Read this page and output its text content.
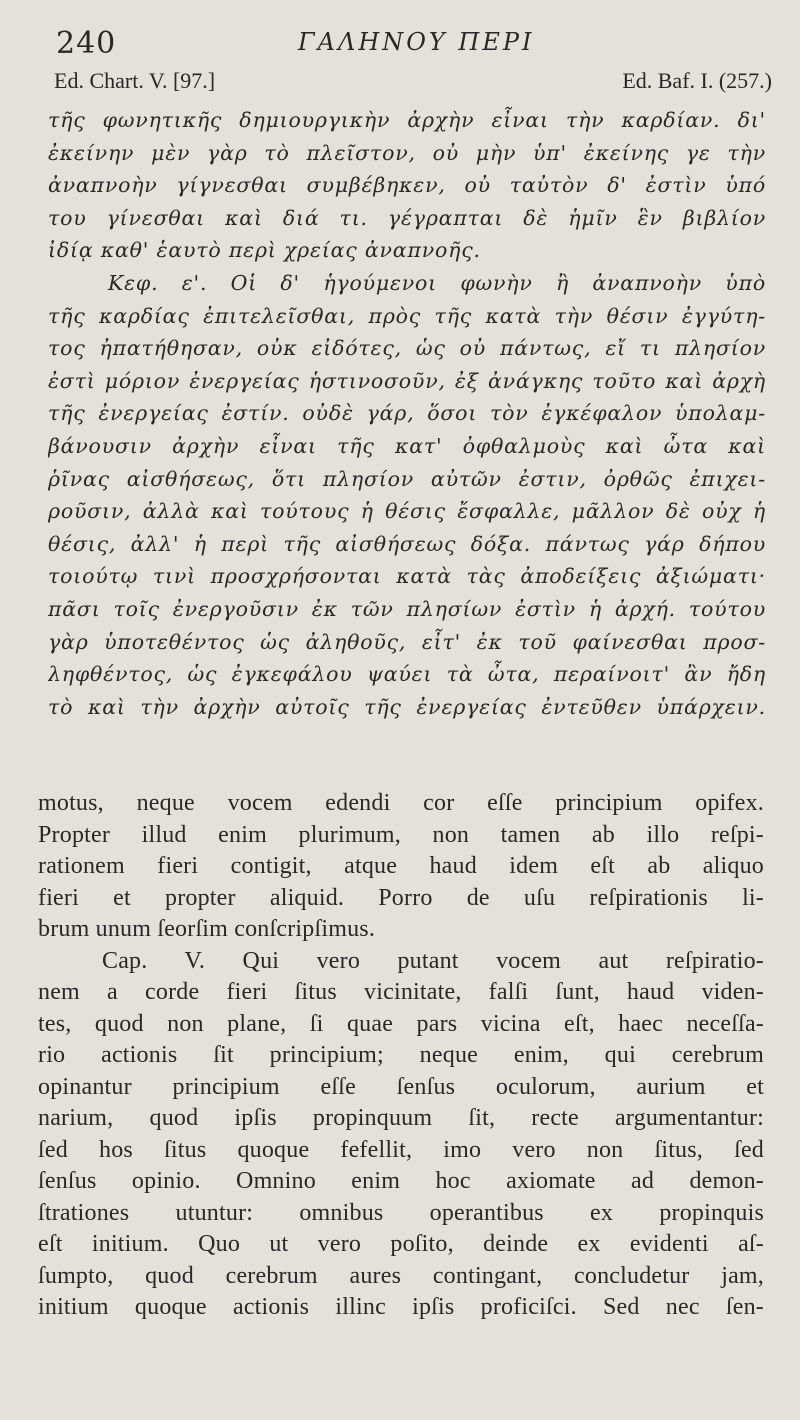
240	ΓΑΛΗΝΟΥ ΠΕΡΙ
Ed. Chart. V. [97.]	Ed. Baf. I. (257.)
τῆς φωνητικῆς δημιουργικὴν ἀρχὴν εἶναι τὴν καρδίαν. δι'
ἐκείνην μὲν γὰρ τὸ πλεῖστον, οὐ μὴν ὑπ' ἐκείνης γε τὴν
ἀναπνοὴν γίγνεσθαι συμβέβηκεν, οὐ ταὐτὸν δ' ἐστὶν ὑπό
του γίνεσθαι καὶ διά τι. γέγραπται δὲ ἡμῖν ἓν βιβλίον
ἰδίᾳ καθ' ἑαυτὸ περὶ χρείας ἀναπνοῆς.
Κεφ. ε'. Οἱ δ' ἡγούμενοι φωνὴν ἢ ἀναπνοὴν ὑπὸ
τῆς καρδίας ἐπιτελεῖσθαι, πρὸς τῆς κατὰ τὴν θέσιν ἐγγύτη-
τος ἠπατήθησαν, οὐκ εἰδότες, ὡς οὐ πάντως, εἴ τι πλησίον
ἐστὶ μόριον ἐνεργείας ἡστινοσοῦν, ἐξ ἀνάγκης τοῦτο καὶ ἀρχὴ
τῆς ἐνεργείας ἐστίν. οὐδὲ γάρ, ὅσοι τὸν ἐγκέφαλον ὑπολαμ-
βάνουσιν ἀρχὴν εἶναι τῆς κατ' ὀφθαλμοὺς καὶ ὦτα καὶ
ῥῖνας αἰσθήσεως, ὅτι πλησίον αὐτῶν ἐστιν, ὀρθῶς ἐπιχει-
ροῦσιν, ἀλλὰ καὶ τούτους ἡ θέσις ἔσφαλλε, μᾶλλον δὲ οὐχ ἡ
θέσις, ἀλλ' ἡ περὶ τῆς αἰσθήσεως δόξα. πάντως γάρ δήπου
τοιούτῳ τινὶ προσχρήσονται κατὰ τὰς ἀποδείξεις ἀξιώματι·
πᾶσι τοῖς ἐνεργοῦσιν ἐκ τῶν πλησίων ἐστὶν ἡ ἀρχή. τούτου
γὰρ ὑποτεθέντος ὡς ἀληθοῦς, εἶτ' ἐκ τοῦ φαίνεσθαι προσ-
ληφθέντος, ὡς ἐγκεφάλου ψαύει τὰ ὦτα, περαίνοιτ' ἂν ἤδη
τὸ καὶ τὴν ἀρχὴν αὐτοῖς τῆς ἐνεργείας ἐντεῦθεν ὑπάρχειν.
motus, neque vocem edendi cor eſſe principium opifex.
Propter illud enim plurimum, non tamen ab illo reſpi-
rationem fieri contigit, atque haud idem eſt ab aliquo
fieri et propter aliquid. Porro de uſu reſpirationis li-
brum unum ſeorſim conſcripſimus.
Cap. V. Qui vero putant vocem aut reſpiratio-
nem a corde fieri ſitus vicinitate, falſi ſunt, haud viden-
tes, quod non plane, ſi quae pars vicina eſt, haec neceſſa-
rio actionis ſit principium; neque enim, qui cerebrum
opinantur principium eſſe ſenſus oculorum, aurium et
narium, quod ipſis propinquum ſit, recte argumentantur:
ſed hos ſitus quoque fefellit, imo vero non ſitus, ſed
ſenſus opinio. Omnino enim hoc axiomate ad demon-
ſtrationes utuntur: omnibus operantibus ex propinquis
eſt initium. Quo ut vero poſito, deinde ex evidenti aſ-
ſumpto, quod cerebrum aures contingant, concludetur jam,
initium quoque actionis illinc ipſis proficiſci. Sed nec ſen-
